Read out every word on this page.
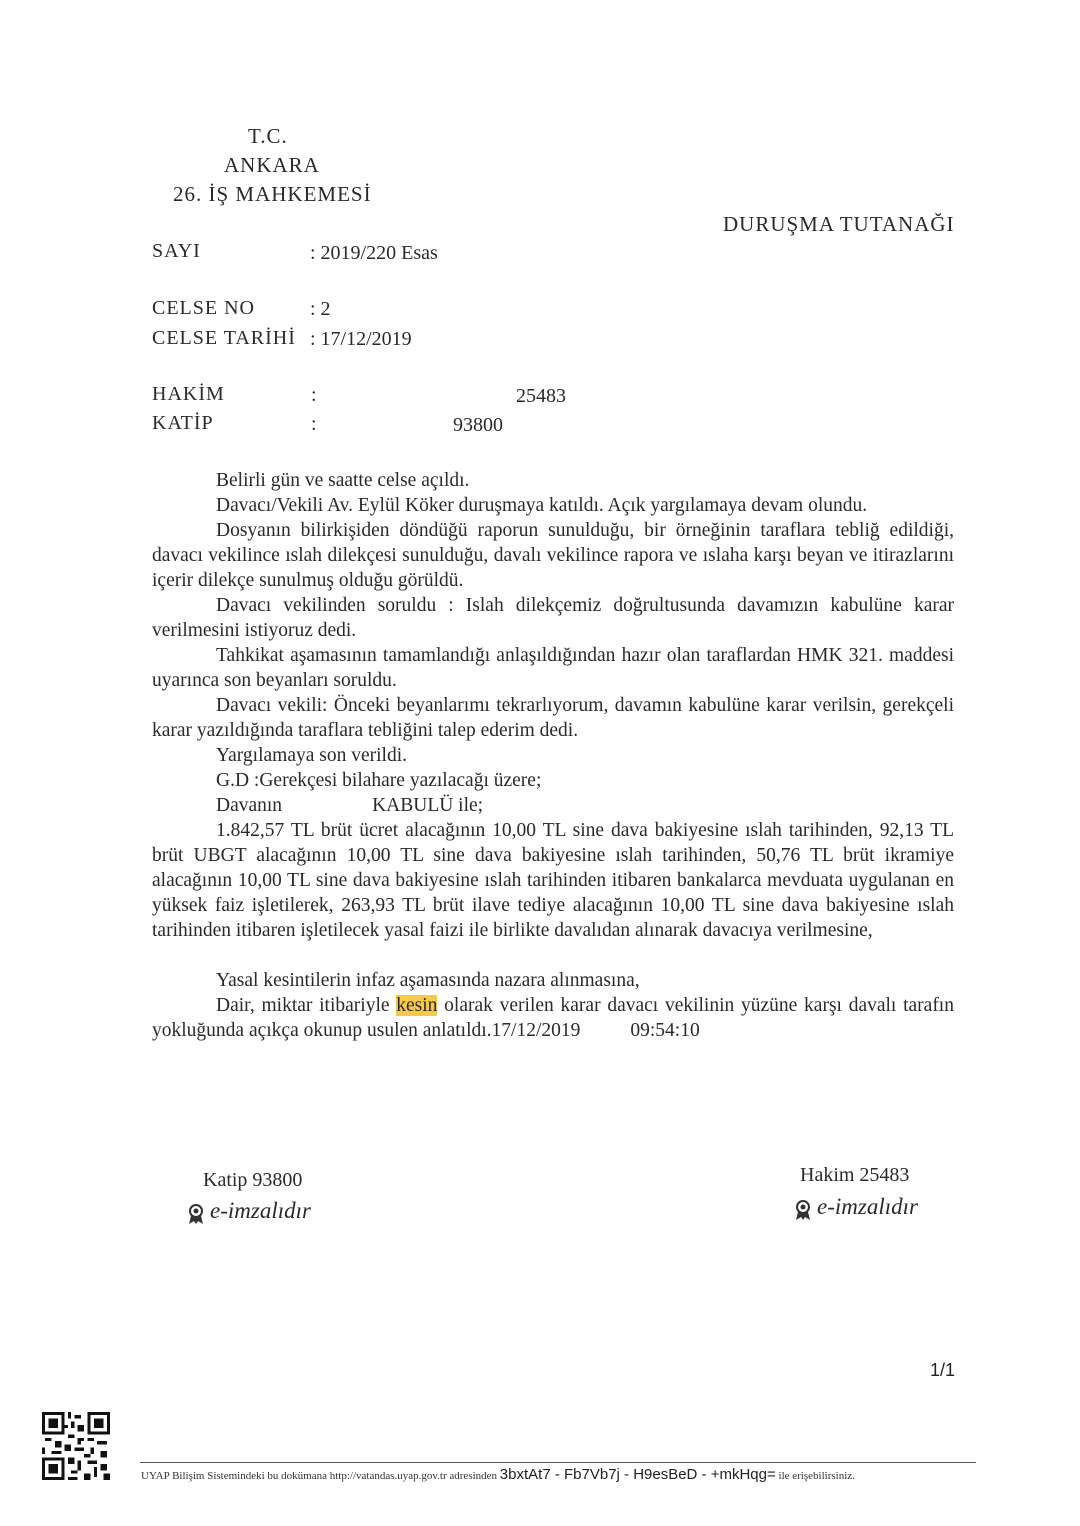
T.C.
ANKARA
26. İŞ MAHKEMESİ
DURUŞMA TUTANAĞI
SAYI	: 2019/220 Esas
CELSE NO	: 2
CELSE TARİHİ : 17/12/2019
HAKİM	:	25483
KATİP	:	93800

Belirli gün ve saatte celse açıldı.

Davacı/Vekili Av. Eylül Köker duruşmaya katıldı. Açık yargılamaya devam olundu.

Dosyanın bilirkişiden döndüğü raporun sunulduğu, bir örneğinin taraflara tebliğ edildiği, davacı vekilince ıslah dilekçesi sunulduğu, davalı vekilince rapora ve ıslaha karşı beyan ve itirazlarını içerir dilekçe sunulmuş olduğu görüldü.

Davacı vekilinden soruldu : Islah dilekçemiz doğrultusunda davamızın kabulüne karar verilmesini istiyoruz dedi.

Tahkikat aşamasının tamamlandığı anlaşıldığından hazır olan taraflardan HMK 321. maddesi uyarınca son beyanları soruldu.

Davacı vekili: Önceki beyanlarımı tekrarlıyorum, davamın kabulüne karar verilsin, gerekçeli karar yazıldığında taraflara tebliğini talep ederim dedi.

Yargılamaya son verildi.

G.D :Gerekçesi bilahare yazılacağı üzere;

Davanın	KABULÜ ile;

1.842,57 TL brüt ücret alacağının 10,00 TL sine dava bakiyesine ıslah tarihinden, 92,13 TL brüt UBGT alacağının 10,00 TL sine dava bakiyesine ıslah tarihinden, 50,76 TL brüt ikramiye alacağının 10,00 TL sine dava bakiyesine ıslah tarihinden itibaren bankalarca mevduata uygulanan en yüksek faiz işletilerek, 263,93 TL brüt ilave tediye alacağının 10,00 TL sine dava bakiyesine ıslah tarihinden itibaren işletilecek yasal faizi ile birlikte davalıdan alınarak davacıya verilmesine,

Yasal kesintilerin infaz aşamasında nazara alınmasına,

Dair, miktar itibariyle kesin olarak verilen karar davacı vekilinin yüzüne karşı davalı tarafın yokluğunda açıkça okunup usulen anlatıldı.17/12/2019	09:54:10

Katip 93800
e-imzalıdır
Hakim 25483
e-imzalıdır
1/1
UYAP Bilişim Sistemindeki bu dokümana http://vatandas.uyap.gov.tr adresinden 3bxtAt7 - Fb7Vb7j - H9esBeD - +mkHqg= ile erişebilirsiniz.
